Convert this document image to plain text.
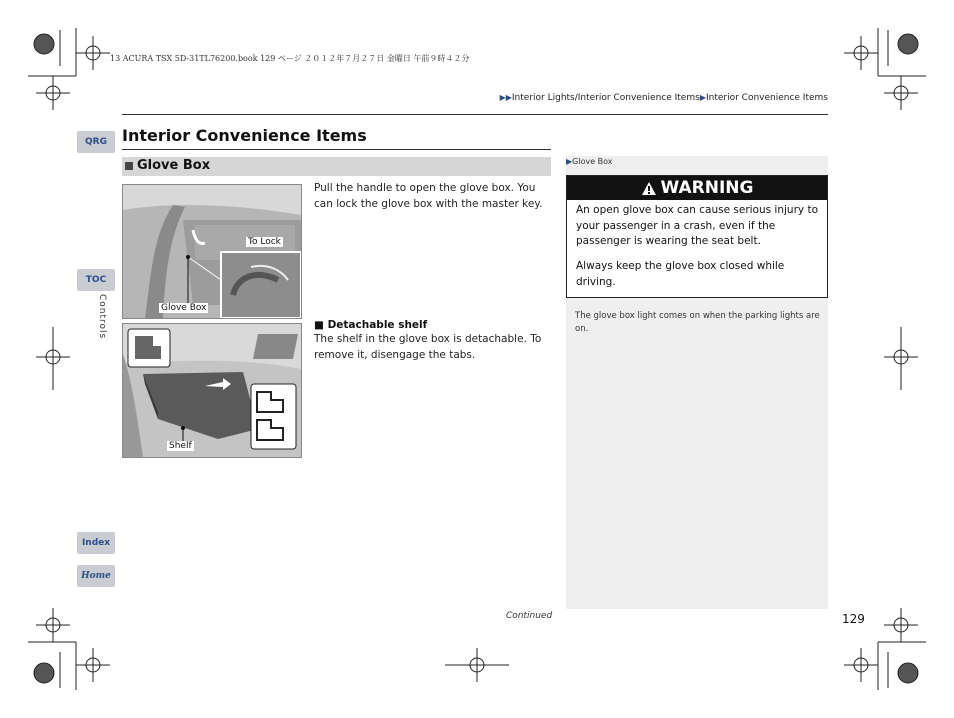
13 ACURA TSX 5D-31TL76200.book 129 ページ ２０１２年７月２７日 金曜日 午前９時４２分
▶▶Interior Lights/Interior Convenience Items▶Interior Convenience Items
QRG
TOC
Controls
Index
Home
Interior Convenience Items
Glove Box
To Lock
Glove Box
Pull the handle to open the glove box. You can lock the glove box with the master key.
Shelf
■ Detachable shelf
The shelf in the glove box is detachable. To remove it, disengage the tabs.
▶Glove Box
WARNING
An open glove box can cause serious injury to your passenger in a crash, even if the passenger is wearing the seat belt.
Always keep the glove box closed while driving.
The glove box light comes on when the parking lights are on.
Continued	129
